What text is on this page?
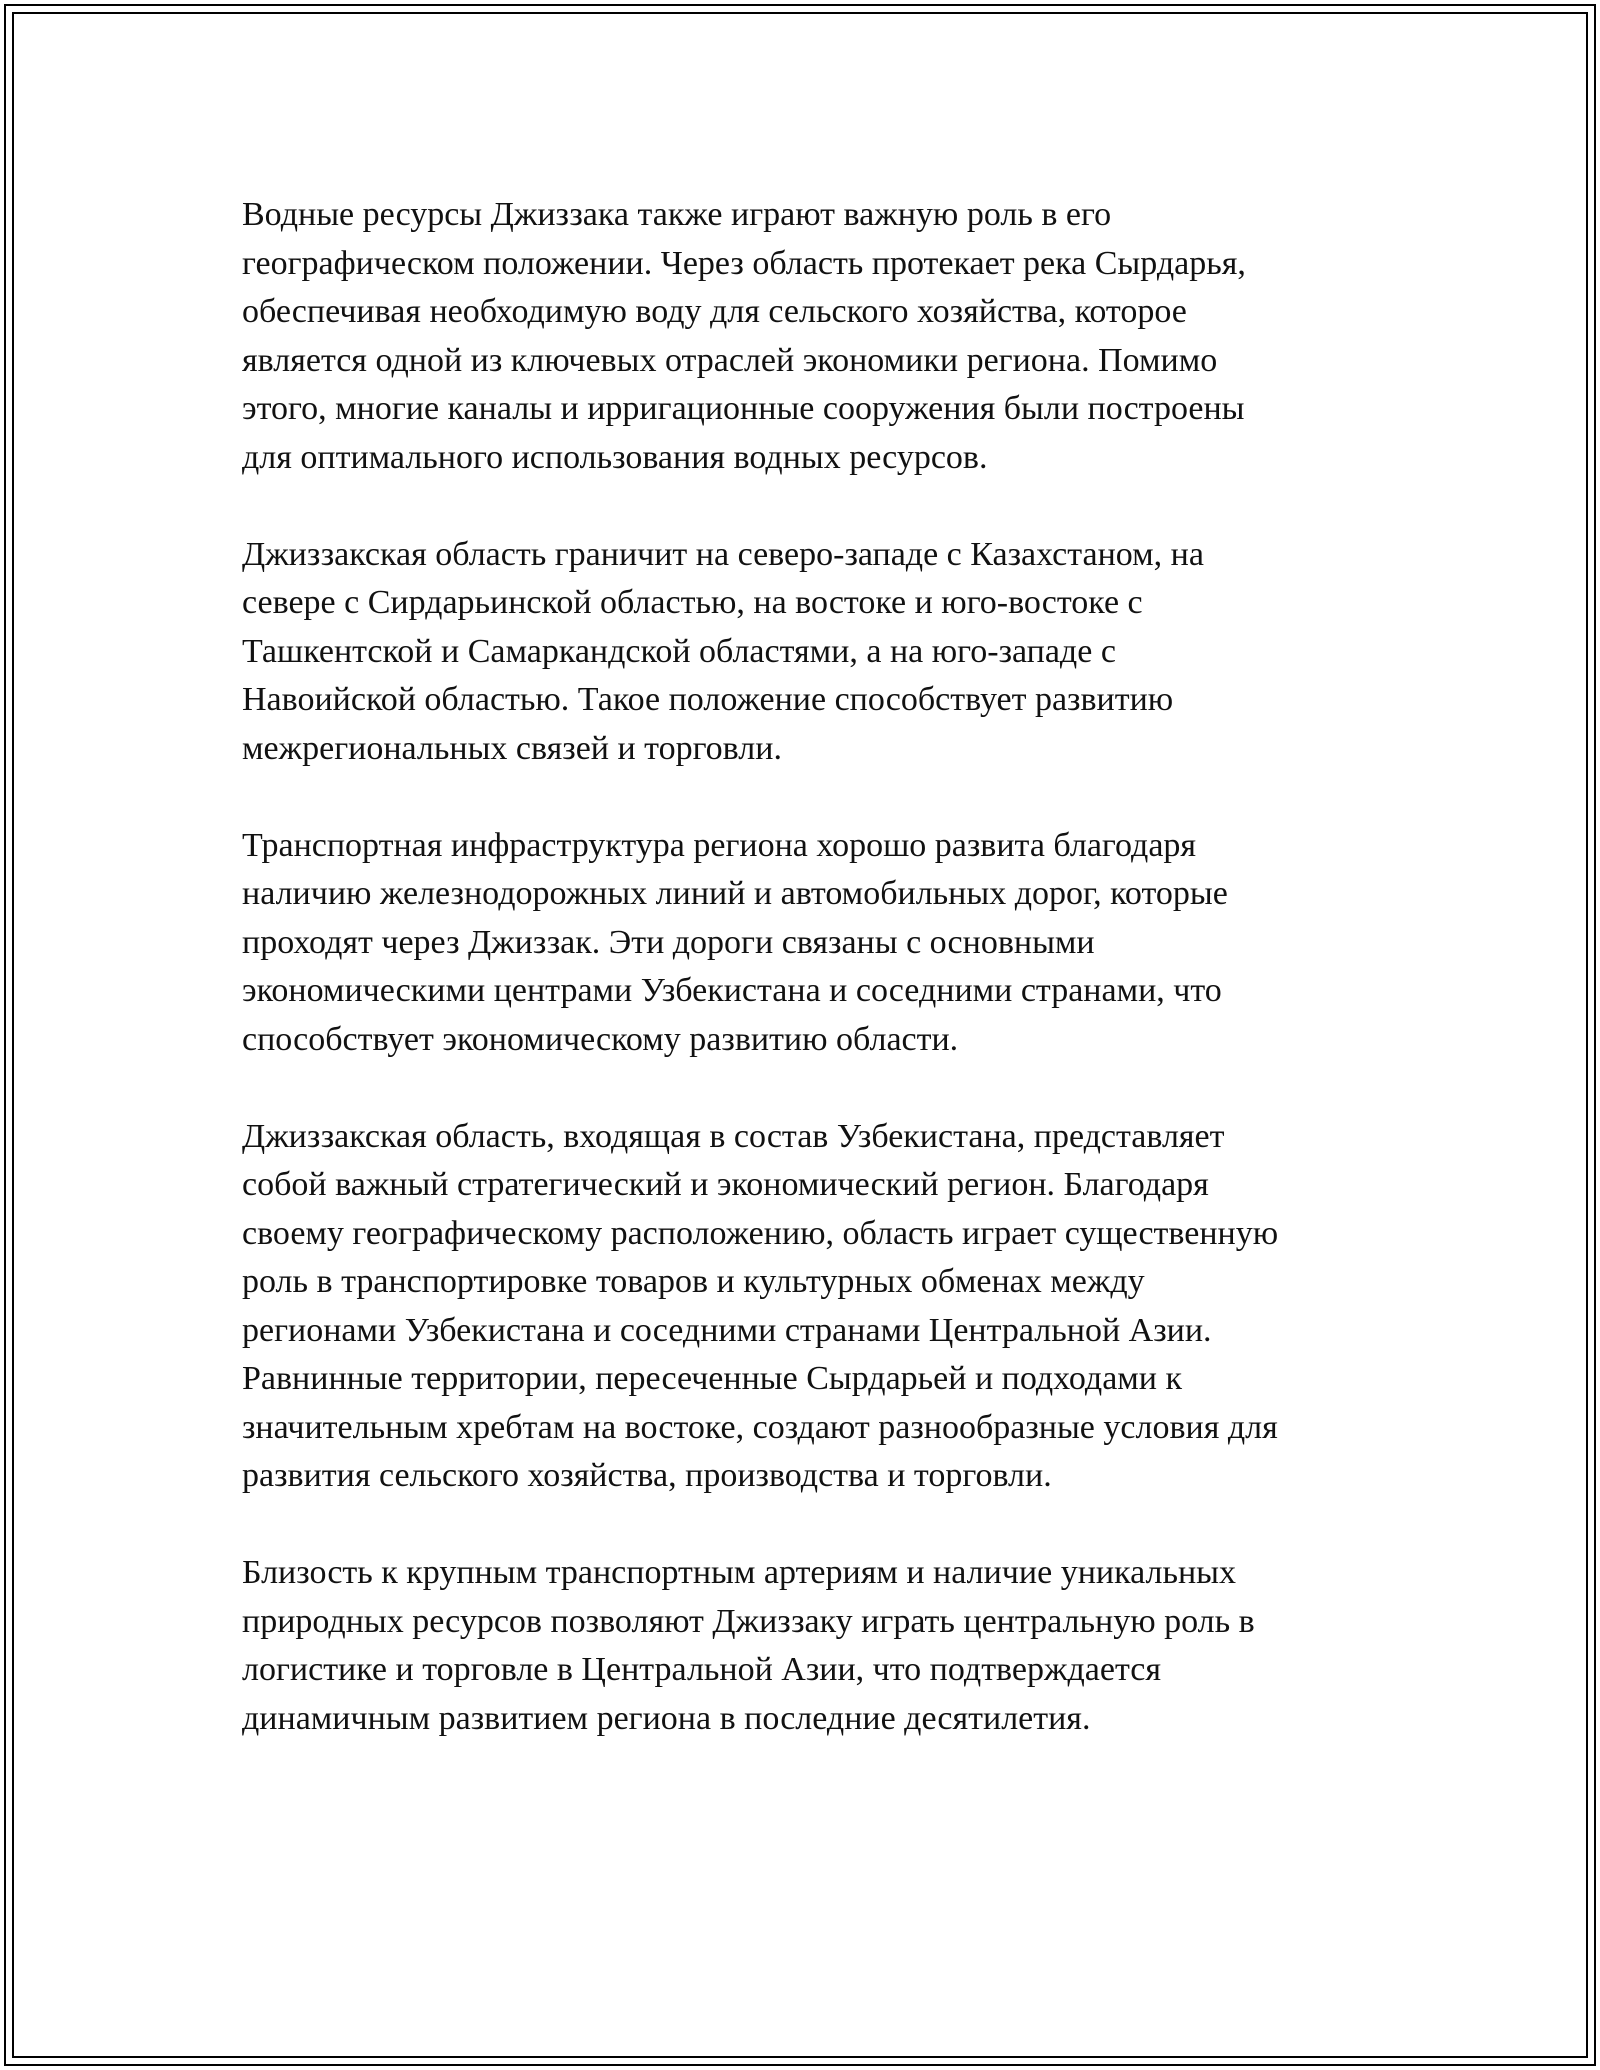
Водные ресурсы Джиззака также играют важную роль в его
географическом положении. Через область протекает река Сырдарья,
обеспечивая необходимую воду для сельского хозяйства, которое
является одной из ключевых отраслей экономики региона. Помимо
этого, многие каналы и ирригационные сооружения были построены
для оптимального использования водных ресурсов.

Джиззакская область граничит на северо-западе с Казахстаном, на
севере с Сирдарьинской областью, на востоке и юго-востоке с
Ташкентской и Самаркандской областями, а на юго-западе с
Навоийской областью. Такое положение способствует развитию
межрегиональных связей и торговли.

Транспортная инфраструктура региона хорошо развита благодаря
наличию железнодорожных линий и автомобильных дорог, которые
проходят через Джиззак. Эти дороги связаны с основными
экономическими центрами Узбекистана и соседними странами, что
способствует экономическому развитию области.

Джиззакская область, входящая в состав Узбекистана, представляет
собой важный стратегический и экономический регион. Благодаря
своему географическому расположению, область играет существенную
роль в транспортировке товаров и культурных обменах между
регионами Узбекистана и соседними странами Центральной Азии.
Равнинные территории, пересеченные Сырдарьей и подходами к
значительным хребтам на востоке, создают разнообразные условия для
развития сельского хозяйства, производства и торговли.

Близость к крупным транспортным артериям и наличие уникальных
природных ресурсов позволяют Джиззаку играть центральную роль в
логистике и торговле в Центральной Азии, что подтверждается
динамичным развитием региона в последние десятилетия.
